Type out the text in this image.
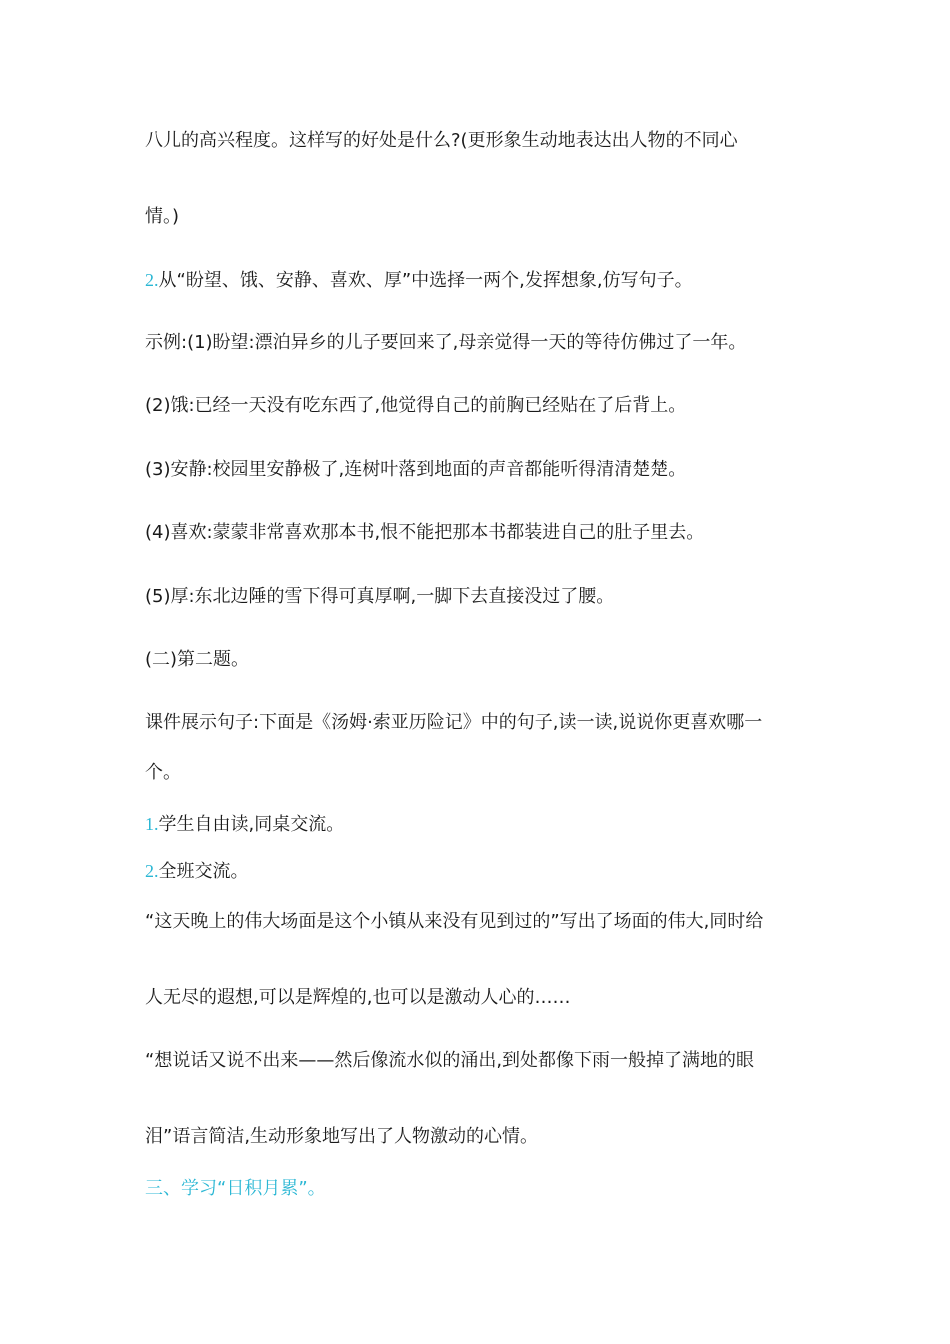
八儿的高兴程度。这样写的好处是什么?(更形象生动地表达出人物的不同心
情。)
2.从“盼望、饿、安静、喜欢、厚”中选择一两个,发挥想象,仿写句子。
示例:(1)盼望:漂泊异乡的儿子要回来了,母亲觉得一天的等待仿佛过了一年。
(2)饿:已经一天没有吃东西了,他觉得自己的前胸已经贴在了后背上。
(3)安静:校园里安静极了,连树叶落到地面的声音都能听得清清楚楚。
(4)喜欢:蒙蒙非常喜欢那本书,恨不能把那本书都装进自己的肚子里去。
(5)厚:东北边陲的雪下得可真厚啊,一脚下去直接没过了腰。
(二)第二题。
课件展示句子:下面是《汤姆·索亚历险记》中的句子,读一读,说说你更喜欢哪一
个。
1.学生自由读,同桌交流。
2.全班交流。
“这天晚上的伟大场面是这个小镇从来没有见到过的”写出了场面的伟大,同时给
人无尽的遐想,可以是辉煌的,也可以是激动人心的……
“想说话又说不出来——然后像流水似的涌出,到处都像下雨一般掉了满地的眼
泪”语言简洁,生动形象地写出了人物激动的心情。
三、学习“日积月累”。
